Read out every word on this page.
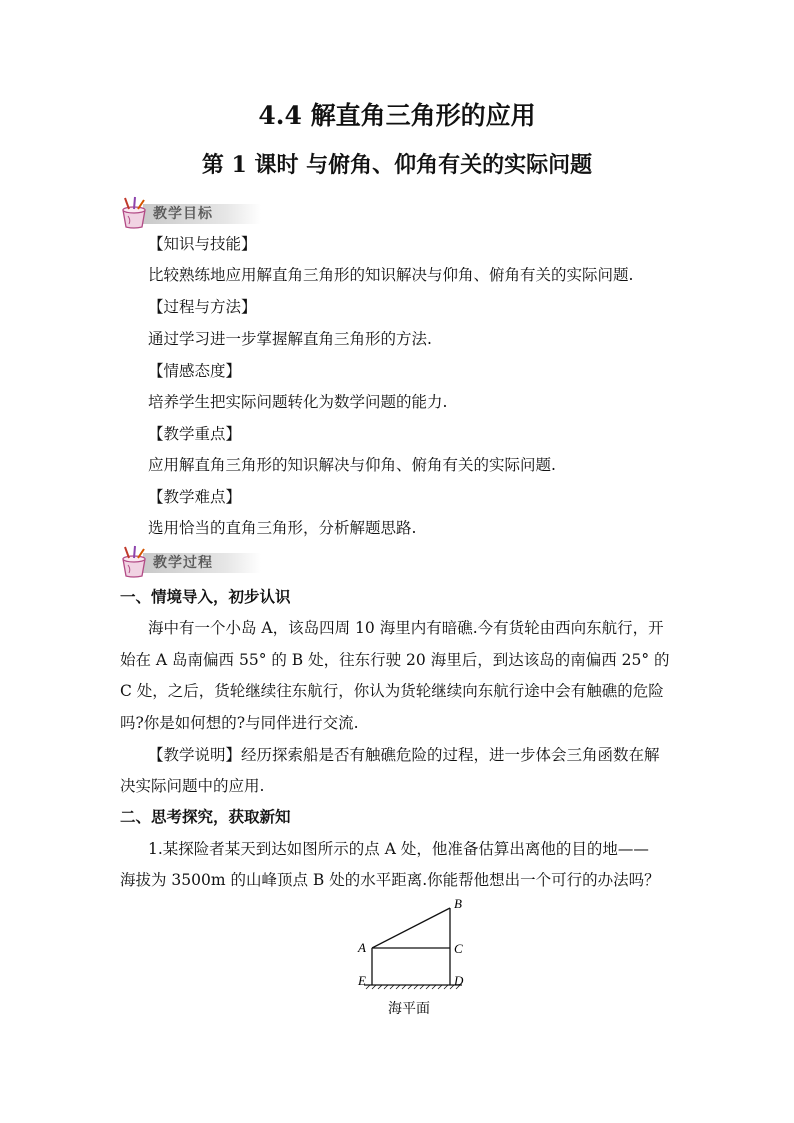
4.4 解直角三角形的应用
第 1 课时 与俯角、仰角有关的实际问题
教学目标
【知识与技能】
比较熟练地应用解直角三角形的知识解决与仰角、俯角有关的实际问题.
【过程与方法】
通过学习进一步掌握解直角三角形的方法.
【情感态度】
培养学生把实际问题转化为数学问题的能力.
【教学重点】
应用解直角三角形的知识解决与仰角、俯角有关的实际问题.
【教学难点】
选用恰当的直角三角形，分析解题思路.
教学过程
一、情境导入，初步认识
海中有一个小岛 A，该岛四周 10 海里内有暗礁.今有货轮由西向东航行，开
始在 A 岛南偏西 55° 的 B 处，往东行驶 20 海里后，到达该岛的南偏西 25° 的
C 处，之后，货轮继续往东航行，你认为货轮继续向东航行途中会有触礁的危险
吗?你是如何想的?与同伴进行交流.
【教学说明】经历探索船是否有触礁危险的过程，进一步体会三角函数在解
决实际问题中的应用.
二、思考探究，获取新知
1.某探险者某天到达如图所示的点 A 处，他准备估算出离他的目的地——
海拔为 3500m 的山峰顶点 B 处的水平距离.你能帮他想出一个可行的办法吗？
B
A	C
E	D
海平面
